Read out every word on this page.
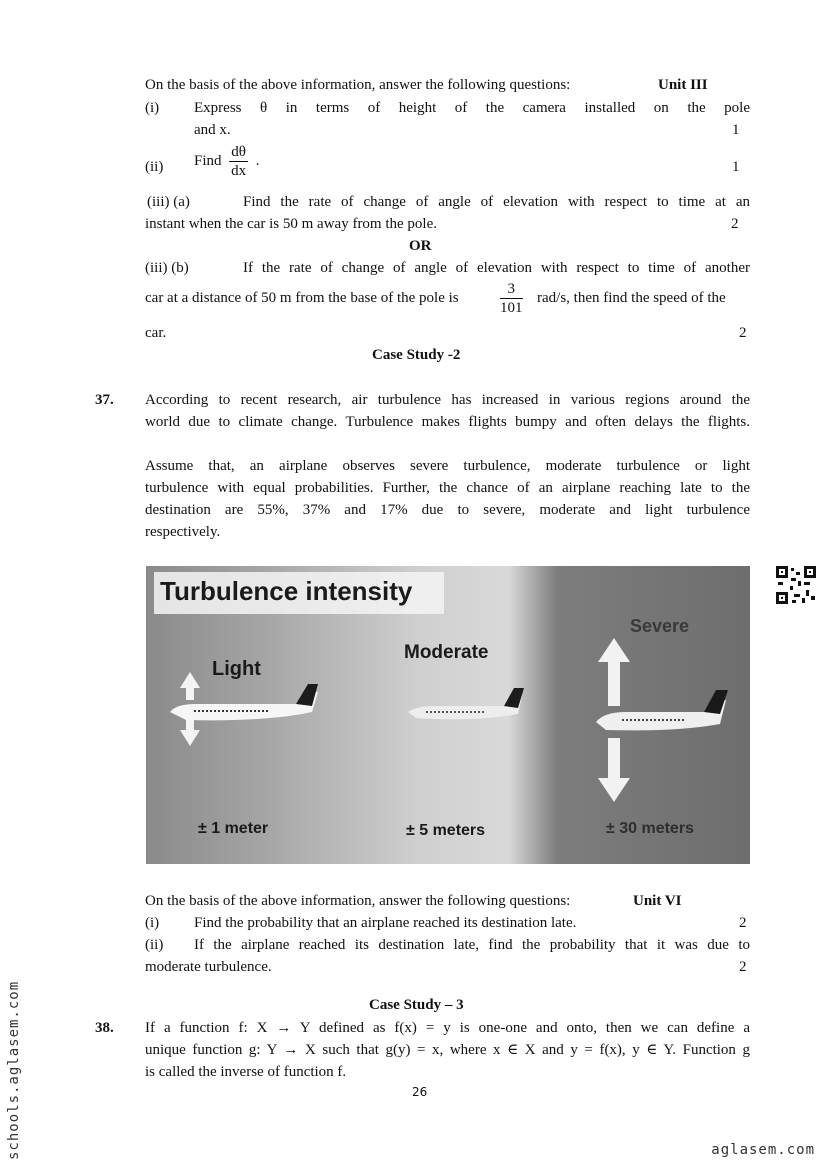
On the basis of the above information, answer the following questions:	Unit III
(i) Express θ in terms of height of the camera installed on the pole
and x.	1
(ii) Find $\frac{d\theta}{dx}$ .	1
(iii) (a)	Find the rate of change of angle of elevation with respect to time at an
instant when the car is 50 m away from the pole.	2
OR
(iii) (b)	If the rate of change of angle of elevation with respect to time of another
car at a distance of 50 m from the base of the pole is	$\frac{3}{101} rad/s$, then find the speed of the
car.	2
Case Study -2
37. According to recent research, air turbulence has increased in various regions around the
world due to climate change. Turbulence makes flights bumpy and often delays the flights.
Assume that, an airplane observes severe turbulence, moderate turbulence or light
turbulence with equal probabilities. Further, the chance of an airplane reaching late to the
destination are 55%, 37% and 17% due to severe, moderate and light turbulence
respectively.
Turbulence intensity
Light
Moderate
Severe
± 1 meter	± 5 meters	± 30 meters
On the basis of the above information, answer the following questions:	Unit VI
(i) Find the probability that an airplane reached its destination late.	2
(ii) If the airplane reached its destination late, find the probability that it was due to
moderate turbulence.	2
Case Study – 3
38. If a function f: X → Y defined as f(x) = y is one-one and onto, then we can define a
unique function g: Y → X such that g(y) = x, where x ∈ X and y = f(x), y ∈ Y. Function g
is called the inverse of function f.
26
schools.aglasem.com	aglasem.com
